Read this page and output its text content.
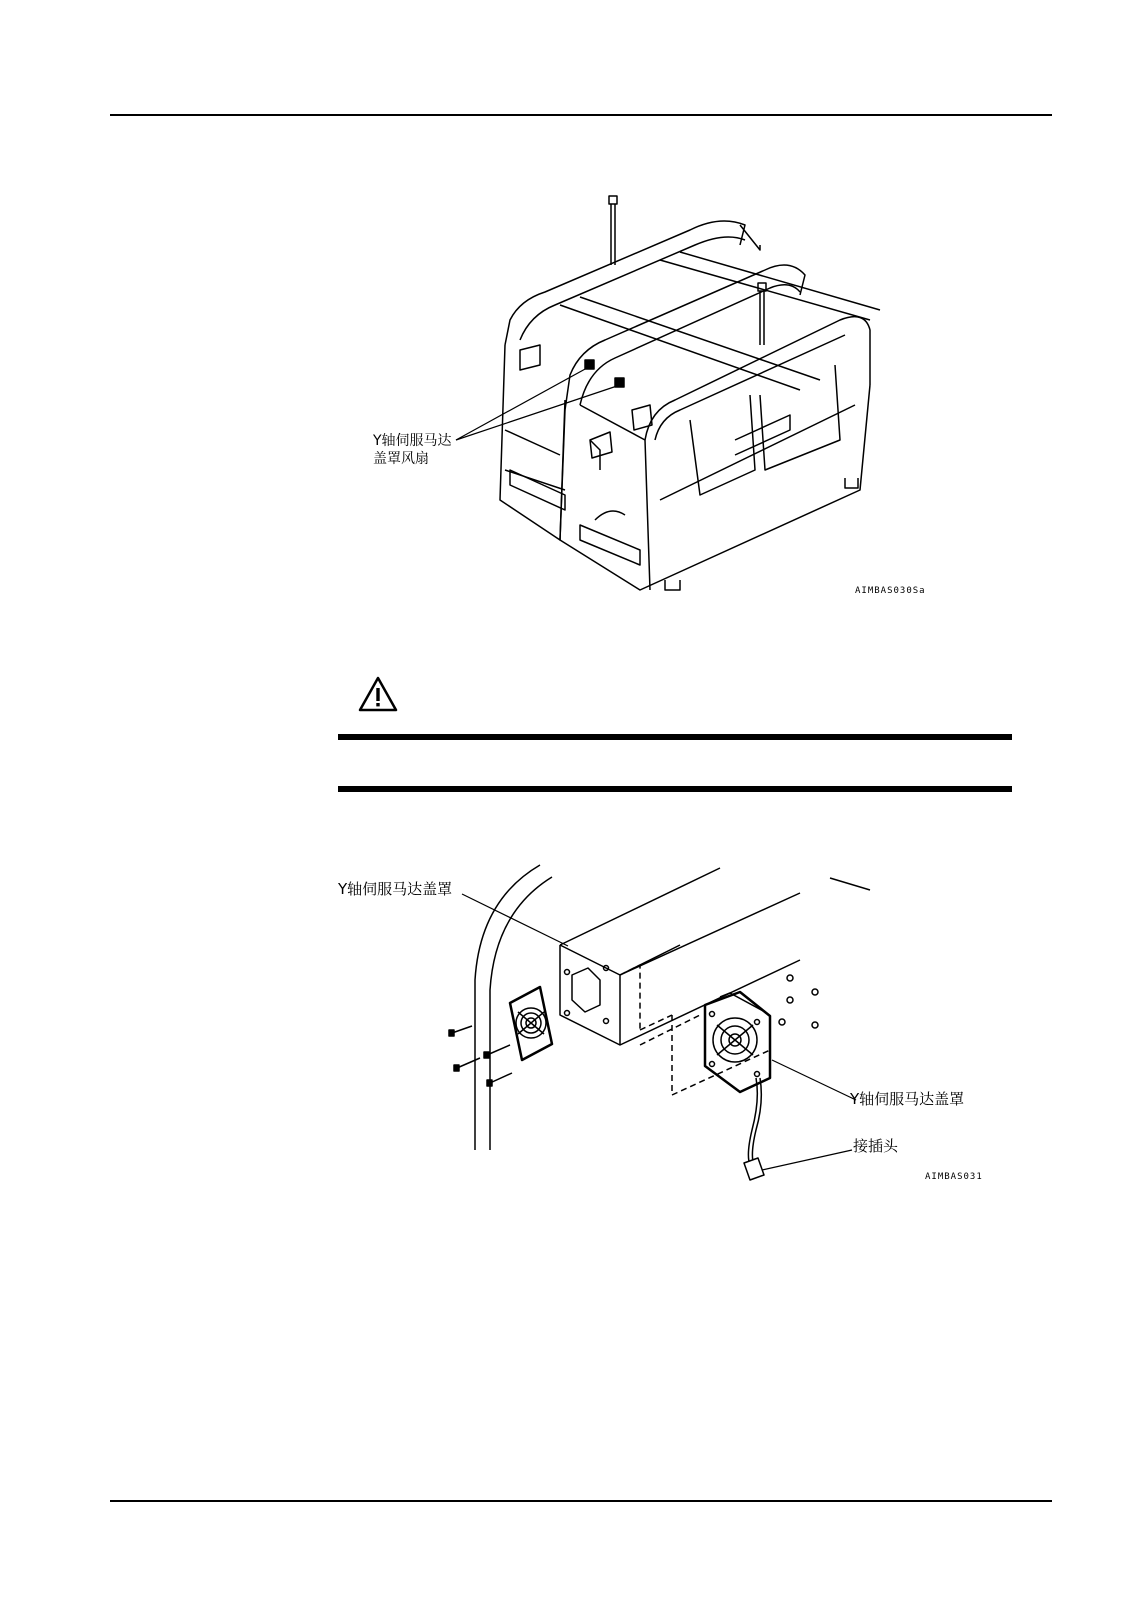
Y轴伺服马达
盖罩风扇
AIMBAS030Sa
Y轴伺服马达盖罩
Y轴伺服马达盖罩
接插头
AIMBAS031
